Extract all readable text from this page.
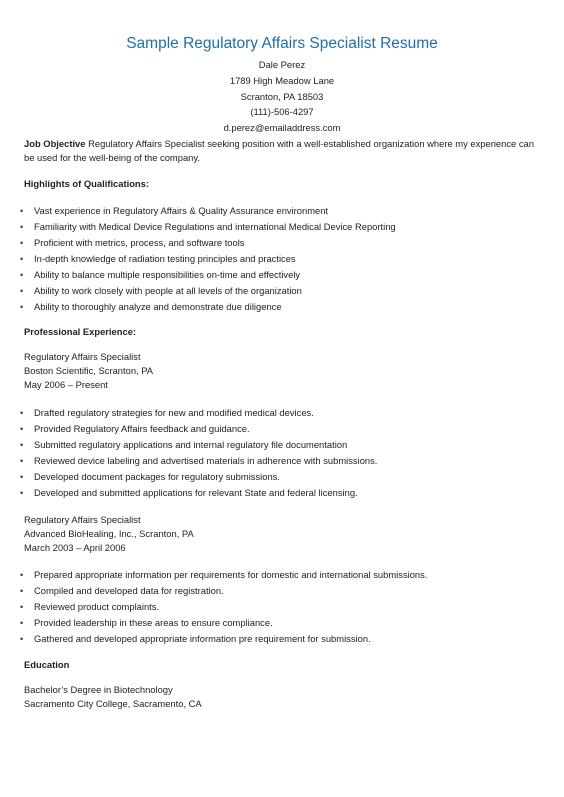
Sample Regulatory Affairs Specialist Resume
Dale Perez
1789 High Meadow Lane
Scranton, PA 18503
(111)-506-4297
d.perez@emailaddress.com
Job Objective Regulatory Affairs Specialist seeking position with a well-established organization where my experience can be used for the well-being of the company.
Highlights of Qualifications:
• Vast experience in Regulatory Affairs & Quality Assurance environment
• Familiarity with Medical Device Regulations and international Medical Device Reporting
• Proficient with metrics, process, and software tools
• In-depth knowledge of radiation testing principles and practices
• Ability to balance multiple responsibilities on-time and effectively
• Ability to work closely with people at all levels of the organization
• Ability to thoroughly analyze and demonstrate due diligence
Professional Experience:
Regulatory Affairs Specialist
Boston Scientific, Scranton, PA
May 2006 – Present
• Drafted regulatory strategies for new and modified medical devices.
• Provided Regulatory Affairs feedback and guidance.
• Submitted regulatory applications and internal regulatory file documentation
• Reviewed device labeling and advertised materials in adherence with submissions.
• Developed document packages for regulatory submissions.
• Developed and submitted applications for relevant State and federal licensing.
Regulatory Affairs Specialist
Advanced BioHealing, Inc., Scranton, PA
March 2003 – April 2006
• Prepared appropriate information per requirements for domestic and international submissions.
• Compiled and developed data for registration.
• Reviewed product complaints.
• Provided leadership in these areas to ensure compliance.
• Gathered and developed appropriate information pre requirement for submission.
Education
Bachelor’s Degree in Biotechnology
Sacramento City College, Sacramento, CA
